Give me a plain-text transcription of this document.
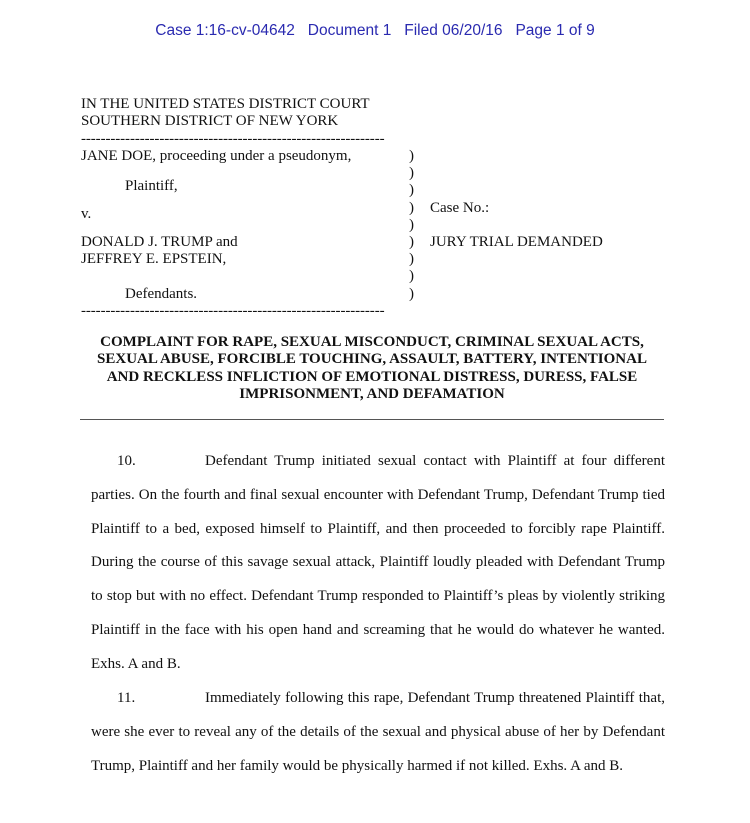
Case 1:16-cv-04642 Document 1 Filed 06/20/16 Page 1 of 9
IN THE UNITED STATES DISTRICT COURT
SOUTHERN DISTRICT OF NEW YORK
--------------------------------------------------------------
JANE DOE, proceeding under a pseudonym,
Plaintiff,
v.
DONALD J. TRUMP and
JEFFREY E. EPSTEIN,
Defendants.
)
)
)
)
)
)
)
)
)
Case No.:
JURY TRIAL DEMANDED
--------------------------------------------------------------
COMPLAINT FOR RAPE, SEXUAL MISCONDUCT, CRIMINAL SEXUAL ACTS, SEXUAL ABUSE, FORCIBLE TOUCHING, ASSAULT, BATTERY, INTENTIONAL AND RECKLESS INFLICTION OF EMOTIONAL DISTRESS, DURESS, FALSE IMPRISONMENT, AND DEFAMATION
10.	Defendant Trump initiated sexual contact with Plaintiff at four different parties. On the fourth and final sexual encounter with Defendant Trump, Defendant Trump tied Plaintiff to a bed, exposed himself to Plaintiff, and then proceeded to forcibly rape Plaintiff. During the course of this savage sexual attack, Plaintiff loudly pleaded with Defendant Trump to stop but with no effect. Defendant Trump responded to Plaintiff’s pleas by violently striking Plaintiff in the face with his open hand and screaming that he would do whatever he wanted. Exhs. A and B.
11.	Immediately following this rape, Defendant Trump threatened Plaintiff that, were she ever to reveal any of the details of the sexual and physical abuse of her by Defendant Trump, Plaintiff and her family would be physically harmed if not killed. Exhs. A and B.
